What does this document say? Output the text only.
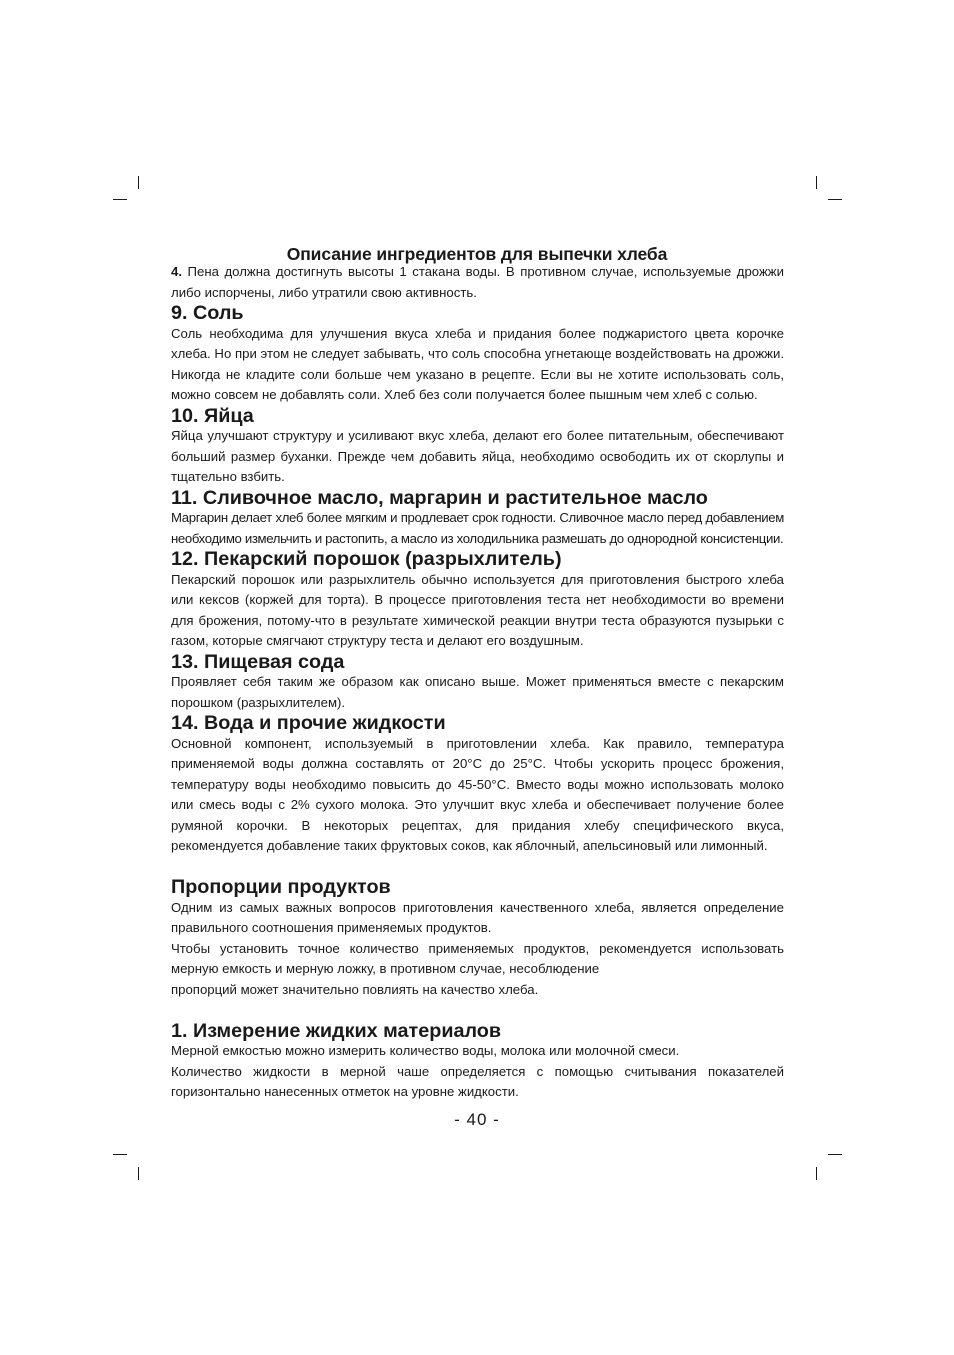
Описание ингредиентов для выпечки хлеба

4. Пена должна достигнуть высоты 1 стакана воды. В противном случае, используемые дрожжи либо испорчены, либо утратили свою активность.

9. Соль

Соль необходима для улучшения вкуса хлеба и придания более поджаристого цвета корочке хлеба. Но при этом не следует забывать, что соль способна угнетающе воздействовать на дрожжи. Никогда не кладите соли больше чем указано в рецепте. Если вы не хотите использовать соль, можно совсем не добавлять соли. Хлеб без соли получается более пышным чем хлеб с солью.

10. Яйца

Яйца улучшают структуру и усиливают вкус хлеба, делают его более питательным, обеспечивают больший размер буханки. Прежде чем добавить яйца, необходимо освободить их от скорлупы и тщательно взбить.

11. Сливочное масло, маргарин и растительное масло

Маргарин делает хлеб более мягким и продлевает срок годности. Сливочное масло перед добавлением необходимо измельчить и растопить, а масло из холодильника размешать до однородной консистенции.

12. Пекарский порошок (разрыхлитель)

Пекарский порошок или разрыхлитель обычно используется для приготовления быстрого хлеба или кексов (коржей для торта). В процессе приготовления теста нет необходимости во времени для брожения, потому-что в результате химической реакции внутри теста образуются пузырьки с газом, которые смягчают структуру теста и делают его воздушным.

13. Пищевая сода

Проявляет себя таким же образом как описано выше. Может применяться вместе с пекарским порошком (разрыхлителем).

14. Вода и прочие жидкости

Основной компонент, используемый в приготовлении хлеба. Как правило, температура применяемой воды должна составлять от 20°С до 25°С. Чтобы ускорить процесс брожения, температуру воды необходимо повысить до 45-50°С. Вместо воды можно использовать молоко или смесь воды с 2% сухого молока. Это улучшит вкус хлеба и обеспечивает получение более румяной корочки. В некоторых рецептах, для придания хлебу специфического вкуса, рекомендуется добавление таких фруктовых соков, как яблочный, апельсиновый или лимонный.

Пропорции продуктов

Одним из самых важных вопросов приготовления качественного хлеба, является определение правильного соотношения применяемых продуктов.

Чтобы установить точное количество применяемых продуктов, рекомендуется использовать мерную емкость и мерную ложку, в противном случае, несоблюдение

пропорций может значительно повлиять на качество хлеба.

1. Измерение жидких материалов

Мерной емкостью можно измерить количество воды, молока или молочной смеси.

Количество жидкости в мерной чаше определяется с помощью считывания показателей горизонтально нанесенных отметок на уровне жидкости.

- 40 -
